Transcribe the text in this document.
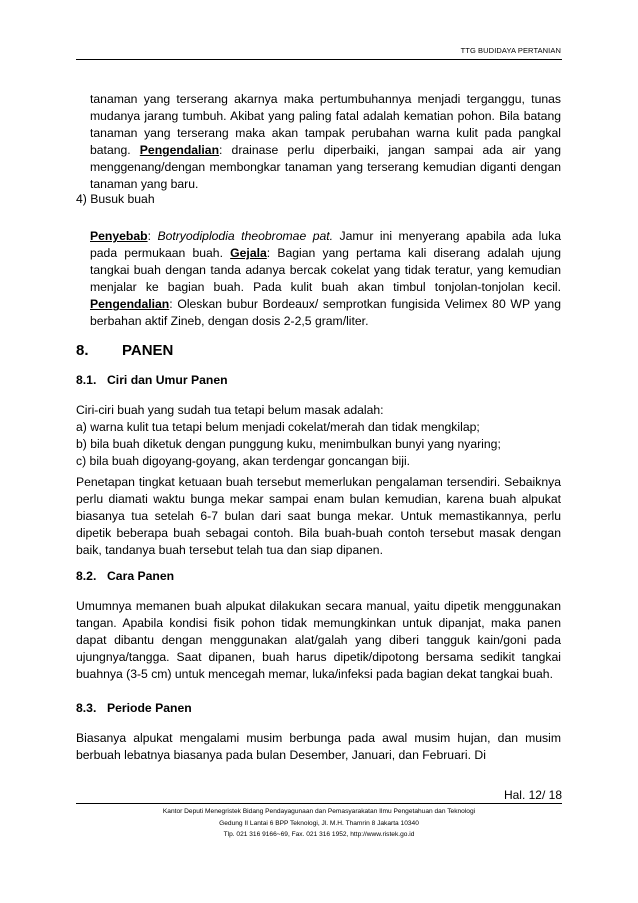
TTG BUDIDAYA PERTANIAN

tanaman yang terserang akarnya maka pertumbuhannya menjadi terganggu, tunas mudanya jarang tumbuh. Akibat yang paling fatal adalah kematian pohon. Bila batang tanaman yang terserang maka akan tampak perubahan warna kulit pada pangkal batang. Pengendalian: drainase perlu diperbaiki, jangan sampai ada air yang menggenang/dengan membongkar tanaman yang terserang kemudian diganti dengan tanaman yang baru.

4) Busuk buah

Penyebab: Botryodiplodia theobromae pat. Jamur ini menyerang apabila ada luka pada permukaan buah. Gejala: Bagian yang pertama kali diserang adalah ujung tangkai buah dengan tanda adanya bercak cokelat yang tidak teratur, yang kemudian menjalar ke bagian buah. Pada kulit buah akan timbul tonjolan-tonjolan kecil. Pengendalian: Oleskan bubur Bordeaux/ semprotkan fungisida Velimex 80 WP yang berbahan aktif Zineb, dengan dosis 2-2,5 gram/liter.

8. PANEN
8.1. Ciri dan Umur Panen
Ciri-ciri buah yang sudah tua tetapi belum masak adalah:
a) warna kulit tua tetapi belum menjadi cokelat/merah dan tidak mengkilap;
b) bila buah diketuk dengan punggung kuku, menimbulkan bunyi yang nyaring;
c) bila buah digoyang-goyang, akan terdengar goncangan biji.
Penetapan tingkat ketuaan buah tersebut memerlukan pengalaman tersendiri. Sebaiknya perlu diamati waktu bunga mekar sampai enam bulan kemudian, karena buah alpukat biasanya tua setelah 6-7 bulan dari saat bunga mekar. Untuk memastikannya, perlu dipetik beberapa buah sebagai contoh. Bila buah-buah contoh tersebut masak dengan baik, tandanya buah tersebut telah tua dan siap dipanen.
8.2. Cara Panen
Umumnya memanen buah alpukat dilakukan secara manual, yaitu dipetik menggunakan tangan. Apabila kondisi fisik pohon tidak memungkinkan untuk dipanjat, maka panen dapat dibantu dengan menggunakan alat/galah yang diberi tangguk kain/goni pada ujungnya/tangga. Saat dipanen, buah harus dipetik/dipotong bersama sedikit tangkai buahnya (3-5 cm) untuk mencegah memar, luka/infeksi pada bagian dekat tangkai buah.
8.3. Periode Panen
Biasanya alpukat mengalami musim berbunga pada awal musim hujan, dan musim berbuah lebatnya biasanya pada bulan Desember, Januari, dan Februari. Di
Hal. 12/ 18
Kantor Deputi Menegristek Bidang Pendayagunaan dan Pemasyarakatan Ilmu Pengetahuan dan Teknologi
Gedung II Lantai 6 BPP Teknologi, Jl. M.H. Thamrin 8 Jakarta 10340
Tlp. 021 316 9166~69, Fax. 021 316 1952, http://www.ristek.go.id
